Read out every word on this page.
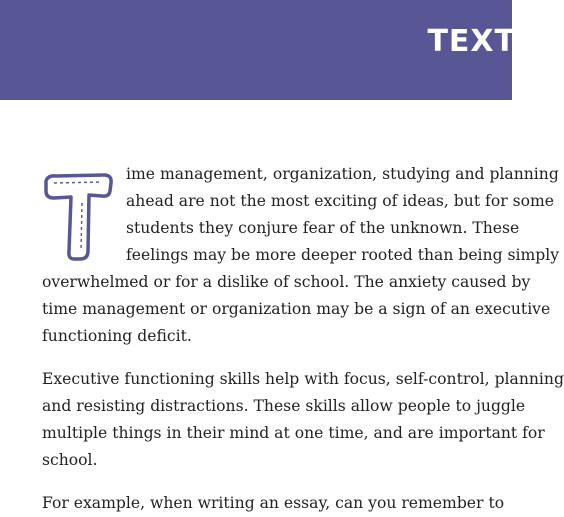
TEXT
ime management, organization, studying and planning
ahead are not the most exciting of ideas, but for some
students they conjure fear of the unknown. These
feelings may be more deeper rooted than being simply
overwhelmed or for a dislike of school. The anxiety caused by
time management or organization may be a sign of an executive
functioning deficit.
Executive functioning skills help with focus, self-control, planning
and resisting distractions. These skills allow people to juggle
multiple things in their mind at one time, and are important for
school.
For example, when writing an essay, can you remember to
